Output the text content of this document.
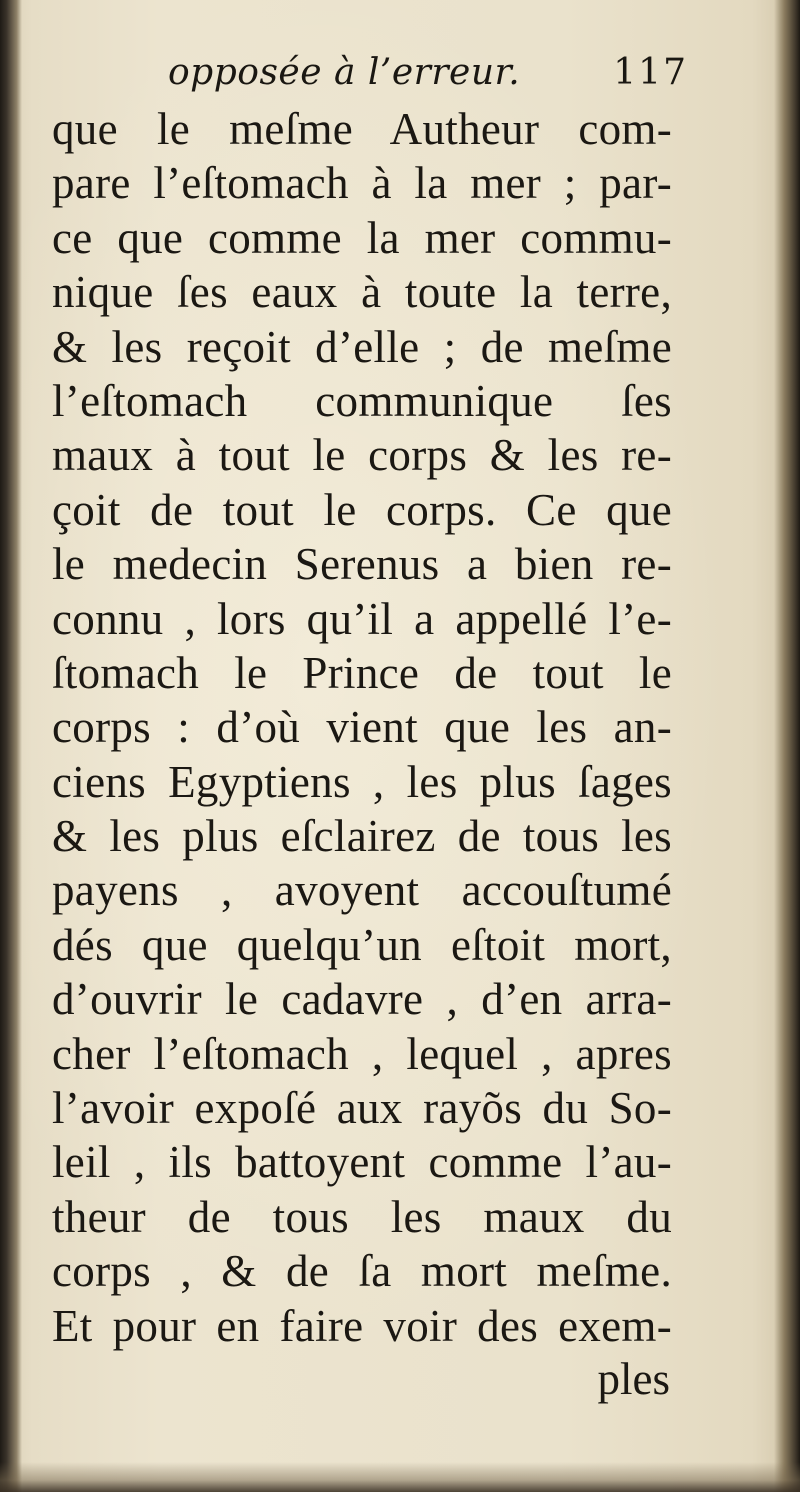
opposée à l’erreur.	117
que le meſme Autheur com-
pare l’eſtomach à la mer ; par-
ce que comme la mer commu-
nique ſes eaux à toute la terre,
& les reçoit d’elle ; de meſme
l’eſtomach communique ſes
maux à tout le corps & les re-
çoit de tout le corps. Ce que
le medecin Serenus a bien re-
connu , lors qu’il a appellé l’e-
ſtomach le Prince de tout le
corps : d’où vient que les an-
ciens Egyptiens , les plus ſages
& les plus eſclairez de tous les
payens , avoyent accouſtumé
dés que quelqu’un eſtoit mort,
d’ouvrir le cadavre , d’en arra-
cher l’eſtomach , lequel , apres
l’avoir expoſé aux rayõs du So-
leil , ils battoyent comme l’au-
theur de tous les maux du
corps , & de ſa mort meſme.
Et pour en faire voir des exem-
ples
